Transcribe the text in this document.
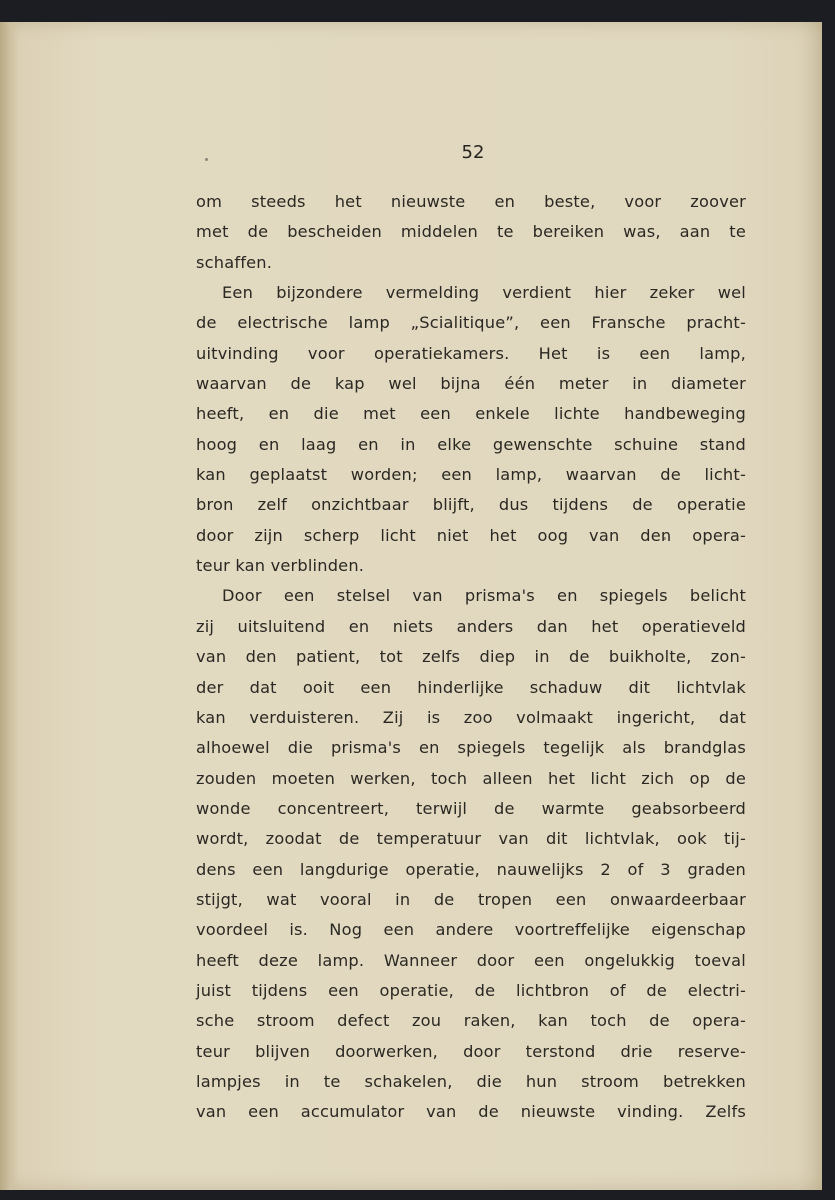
52
om steeds het nieuwste en beste, voor zoover
met de bescheiden middelen te bereiken was, aan te
schaffen.
Een bijzondere vermelding verdient hier zeker wel
de electrische lamp „Scialitique”, een Fransche pracht-
uitvinding voor operatiekamers. Het is een lamp,
waarvan de kap wel bijna één meter in diameter
heeft, en die met een enkele lichte handbeweging
hoog en laag en in elke gewenschte schuine stand
kan geplaatst worden; een lamp, waarvan de licht-
bron zelf onzichtbaar blijft, dus tijdens de operatie
door zijn scherp licht niet het oog van den opera-
teur kan verblinden.
Door een stelsel van prisma's en spiegels belicht
zij uitsluitend en niets anders dan het operatieveld
van den patient, tot zelfs diep in de buikholte, zon-
der dat ooit een hinderlijke schaduw dit lichtvlak
kan verduisteren. Zij is zoo volmaakt ingericht, dat
alhoewel die prisma's en spiegels tegelijk als brandglas
zouden moeten werken, toch alleen het licht zich op de
wonde concentreert, terwijl de warmte geabsorbeerd
wordt, zoodat de temperatuur van dit lichtvlak, ook tij-
dens een langdurige operatie, nauwelijks 2 of 3 graden
stijgt, wat vooral in de tropen een onwaardeerbaar
voordeel is. Nog een andere voortreffelijke eigenschap
heeft deze lamp. Wanneer door een ongelukkig toeval
juist tijdens een operatie, de lichtbron of de electri-
sche stroom defect zou raken, kan toch de opera-
teur blijven doorwerken, door terstond drie reserve-
lampjes in te schakelen, die hun stroom betrekken
van een accumulator van de nieuwste vinding. Zelfs
